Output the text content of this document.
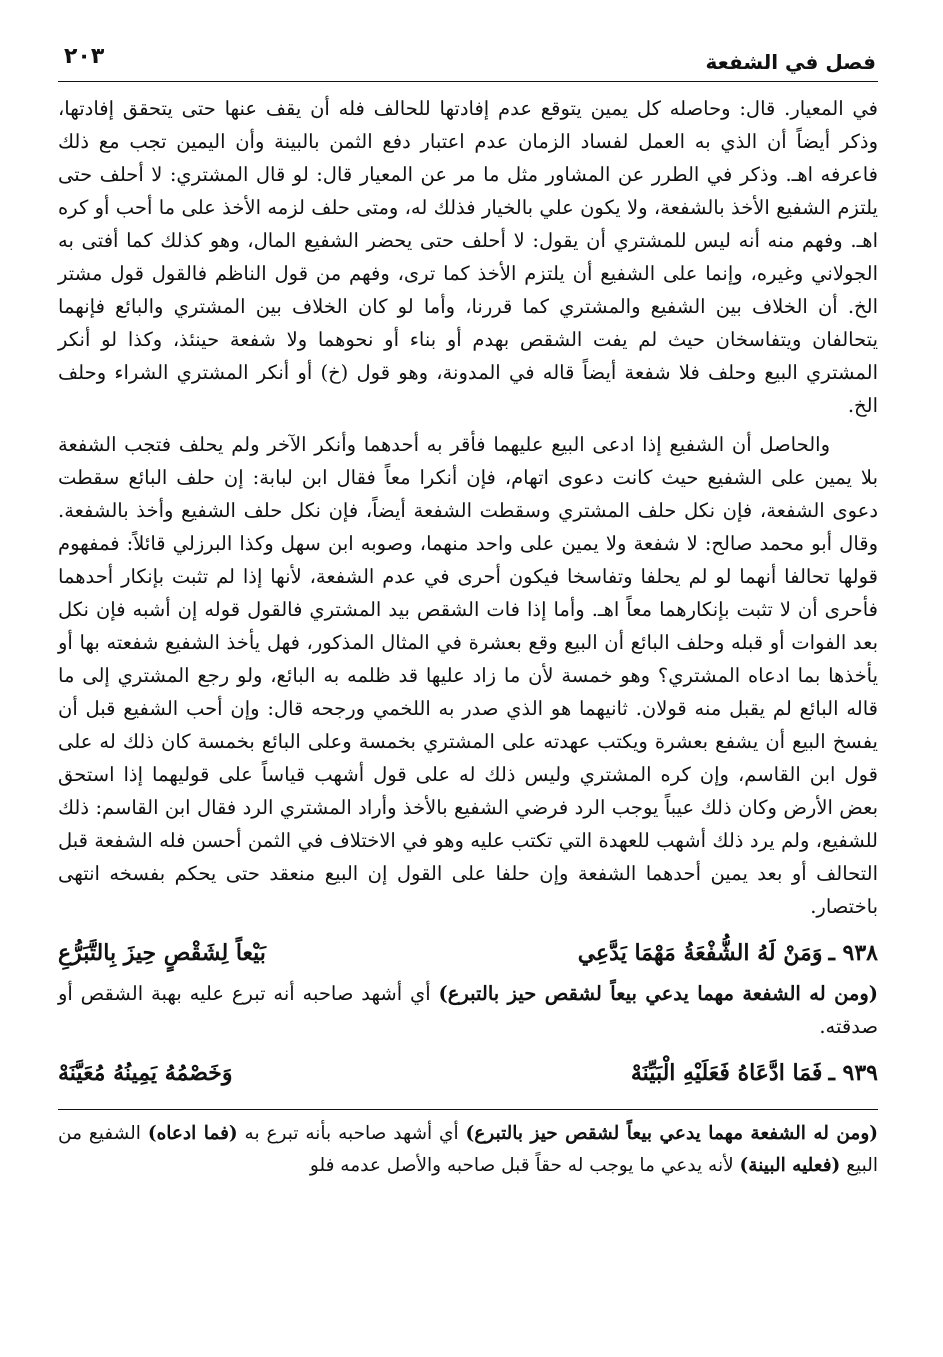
فصل في الشفعة
٢٠٣

في المعيار. قال: وحاصله كل يمين يتوقع عدم إفادتها للحالف فله أن يقف عنها حتى يتحقق إفادتها، وذكر أيضاً أن الذي به العمل لفساد الزمان عدم اعتبار دفع الثمن بالبينة وأن اليمين تجب مع ذلك فاعرفه اهـ. وذكر في الطرر عن المشاور مثل ما مر عن المعيار قال: لو قال المشتري: لا أحلف حتى يلتزم الشفيع الأخذ بالشفعة، ولا يكون علي بالخيار فذلك له، ومتى حلف لزمه الأخذ على ما أحب أو كره اهـ. وفهم منه أنه ليس للمشتري أن يقول: لا أحلف حتى يحضر الشفيع المال، وهو كذلك كما أفتى به الجولاني وغيره، وإنما على الشفيع أن يلتزم الأخذ كما ترى، وفهم من قول الناظم فالقول قول مشتر الخ. أن الخلاف بين الشفيع والمشتري كما قررنا، وأما لو كان الخلاف بين المشتري والبائع فإنهما يتحالفان ويتفاسخان حيث لم يفت الشقص بهدم أو بناء أو نحوهما ولا شفعة حينئذ، وكذا لو أنكر المشتري البيع وحلف فلا شفعة أيضاً قاله في المدونة، وهو قول (خ) أو أنكر المشتري الشراء وحلف الخ.

والحاصل أن الشفيع إذا ادعى البيع عليهما فأقر به أحدهما وأنكر الآخر ولم يحلف فتجب الشفعة بلا يمين على الشفيع حيث كانت دعوى اتهام، فإن أنكرا معاً فقال ابن لبابة: إن حلف البائع سقطت دعوى الشفعة، فإن نكل حلف المشتري وسقطت الشفعة أيضاً، فإن نكل حلف الشفيع وأخذ بالشفعة. وقال أبو محمد صالح: لا شفعة ولا يمين على واحد منهما، وصوبه ابن سهل وكذا البرزلي قائلاً: فمفهوم قولها تحالفا أنهما لو لم يحلفا وتفاسخا فيكون أحرى في عدم الشفعة، لأنها إذا لم تثبت بإنكار أحدهما فأحرى أن لا تثبت بإنكارهما معاً اهـ. وأما إذا فات الشقص بيد المشتري فالقول قوله إن أشبه فإن نكل بعد الفوات أو قبله وحلف البائع أن البيع وقع بعشرة في المثال المذكور، فهل يأخذ الشفيع شفعته بها أو يأخذها بما ادعاه المشتري؟ وهو خمسة لأن ما زاد عليها قد ظلمه به البائع، ولو رجع المشتري إلى ما قاله البائع لم يقبل منه قولان. ثانيهما هو الذي صدر به اللخمي ورجحه قال: وإن أحب الشفيع قبل أن يفسخ البيع أن يشفع بعشرة ويكتب عهدته على المشتري بخمسة وعلى البائع بخمسة كان ذلك له على قول ابن القاسم، وإن كره المشتري وليس ذلك له على قول أشهب قياساً على قوليهما إذا استحق بعض الأرض وكان ذلك عيباً يوجب الرد فرضي الشفيع بالأخذ وأراد المشتري الرد فقال ابن القاسم: ذلك للشفيع، ولم يرد ذلك أشهب للعهدة التي تكتب عليه وهو في الاختلاف في الثمن أحسن فله الشفعة قبل التحالف أو بعد يمين أحدهما الشفعة وإن حلفا على القول إن البيع منعقد حتى يحكم بفسخه انتهى باختصار.

٩٣٨ ـ
وَمَنْ لَهُ الشُّفْعَةُ مَهْمَا يَدَّعِي
بَيْعاً لِشَقْصٍ حِيزَ بِالتَّبَرُّعِ
(ومن له الشفعة مهما يدعي بيعاً لشقص حيز بالتبرع) أي أشهد صاحبه أنه تبرع عليه بهبة الشقص أو صدقته.
٩٣٩ ـ
فَمَا ادَّعَاهُ فَعَلَيْهِ الْبَيِّنَهْ
وَخَصْمُهُ يَمِينُهُ مُعَيَّنَهْ
(ومن له الشفعة مهما يدعي بيعاً لشقص حيز بالتبرع) أي أشهد صاحبه بأنه تبرع به (فما ادعاه) الشفيع من البيع (فعليه البينة) لأنه يدعي ما يوجب له حقاً قبل صاحبه والأصل عدمه فلو
